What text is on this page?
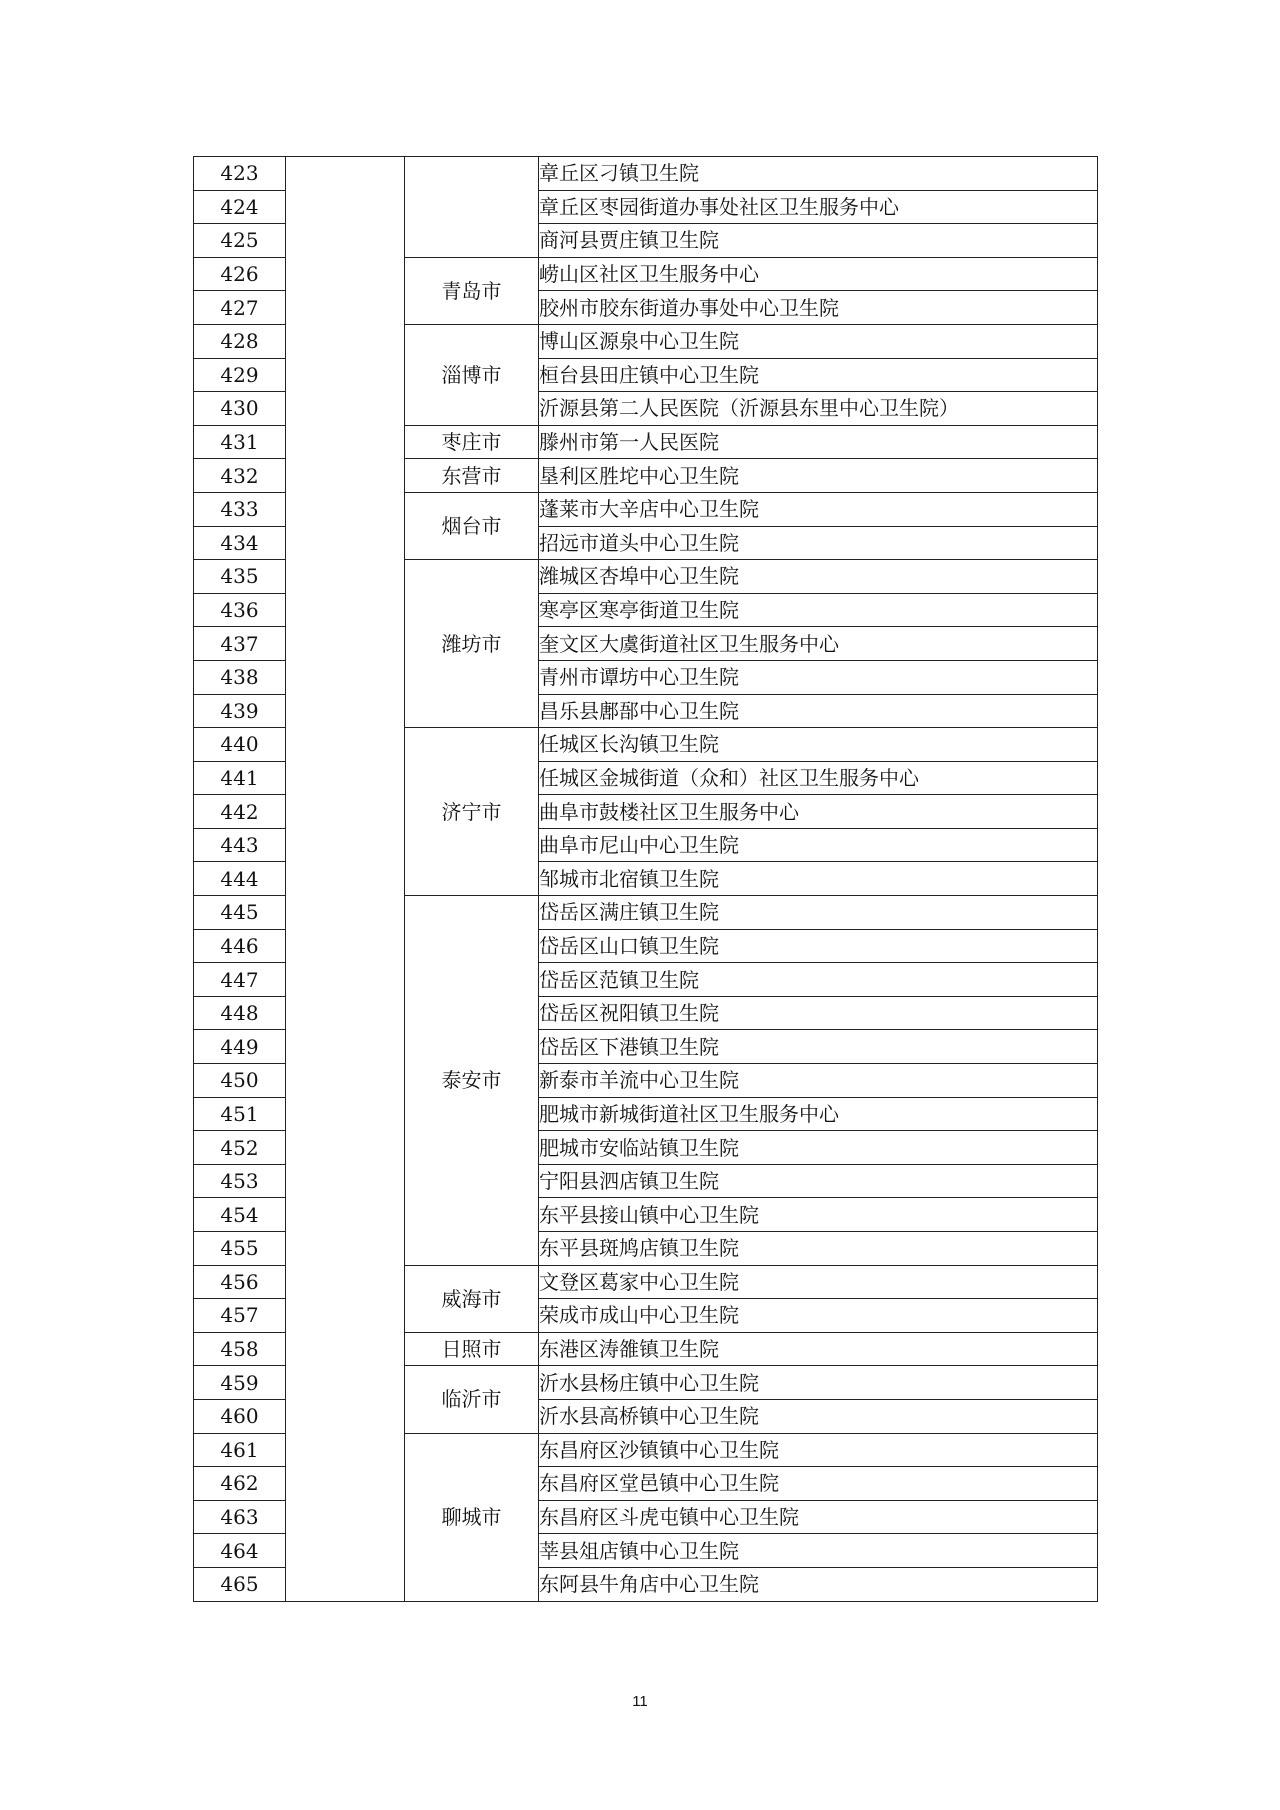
423			章丘区刁镇卫生院
424			章丘区枣园街道办事处社区卫生服务中心
425			商河县贾庄镇卫生院
426		青岛市	崂山区社区卫生服务中心
427			胶州市胶东街道办事处中心卫生院
428		淄博市	博山区源泉中心卫生院
429			桓台县田庄镇中心卫生院
430			沂源县第二人民医院（沂源县东里中心卫生院）
431		枣庄市	滕州市第一人民医院
432		东营市	垦利区胜坨中心卫生院
433		烟台市	蓬莱市大辛店中心卫生院
434			招远市道头中心卫生院
435		潍坊市	潍城区杏埠中心卫生院
436			寒亭区寒亭街道卫生院
437			奎文区大虞街道社区卫生服务中心
438			青州市谭坊中心卫生院
439			昌乐县鄌郚中心卫生院
440		济宁市	任城区长沟镇卫生院
441			任城区金城街道（众和）社区卫生服务中心
442			曲阜市鼓楼社区卫生服务中心
443			曲阜市尼山中心卫生院
444			邹城市北宿镇卫生院
445		泰安市	岱岳区满庄镇卫生院
446			岱岳区山口镇卫生院
447			岱岳区范镇卫生院
448			岱岳区祝阳镇卫生院
449			岱岳区下港镇卫生院
450			新泰市羊流中心卫生院
451			肥城市新城街道社区卫生服务中心
452			肥城市安临站镇卫生院
453			宁阳县泗店镇卫生院
454			东平县接山镇中心卫生院
455			东平县斑鸠店镇卫生院
456		威海市	文登区葛家中心卫生院
457			荣成市成山中心卫生院
458		日照市	东港区涛雒镇卫生院
459		临沂市	沂水县杨庄镇中心卫生院
460			沂水县高桥镇中心卫生院
461		聊城市	东昌府区沙镇镇中心卫生院
462			东昌府区堂邑镇中心卫生院
463			东昌府区斗虎屯镇中心卫生院
464			莘县俎店镇中心卫生院
465			东阿县牛角店中心卫生院
11
